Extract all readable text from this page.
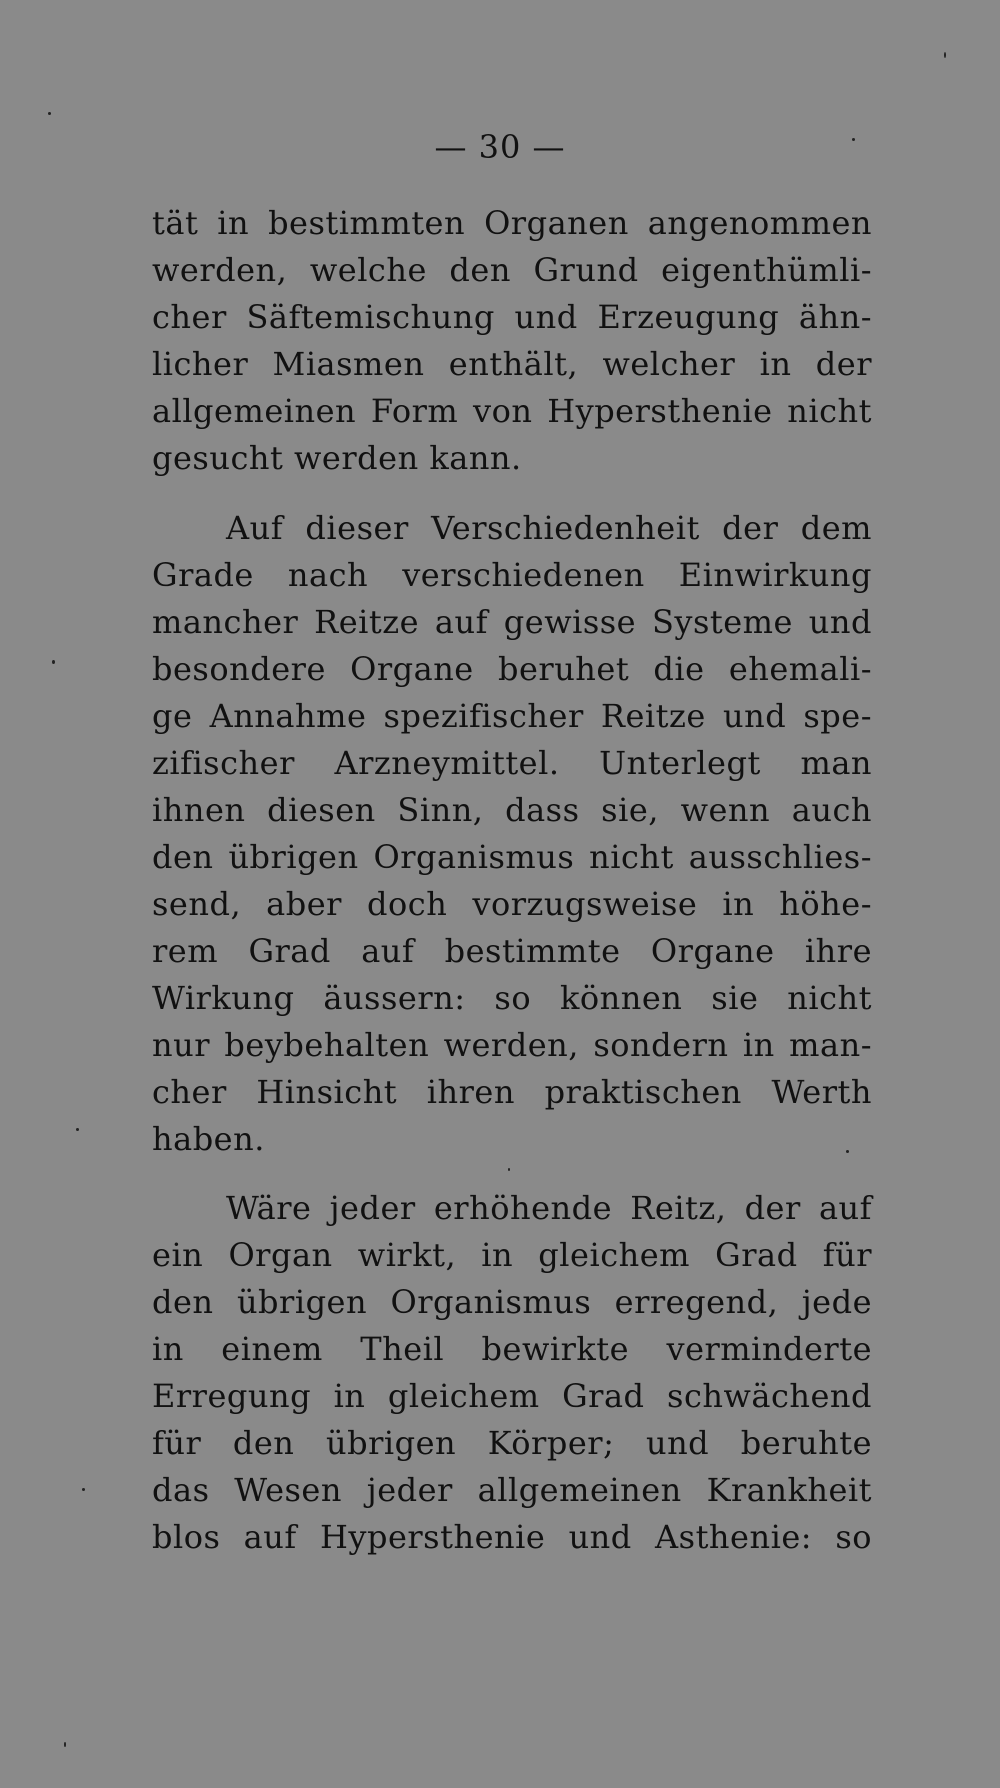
— 30 —
tät in bestimmten Organen angenommen
werden, welche den Grund eigenthümli-
cher Säftemischung und Erzeugung ähn-
licher Miasmen enthält, welcher in der
allgemeinen Form von Hypersthenie nicht
gesucht werden kann.
Auf dieser Verschiedenheit der dem
Grade nach verschiedenen Einwirkung
mancher Reitze auf gewisse Systeme und
besondere Organe beruhet die ehemali-
ge Annahme spezifischer Reitze und spe-
zifischer Arzneymittel. Unterlegt man
ihnen diesen Sinn, dass sie, wenn auch
den übrigen Organismus nicht ausschlies-
send, aber doch vorzugsweise in höhe-
rem Grad auf bestimmte Organe ihre
Wirkung äussern: so können sie nicht
nur beybehalten werden, sondern in man-
cher Hinsicht ihren praktischen Werth
haben.
Wäre jeder erhöhende Reitz, der auf
ein Organ wirkt, in gleichem Grad für
den übrigen Organismus erregend, jede
in einem Theil bewirkte verminderte
Erregung in gleichem Grad schwächend
für den übrigen Körper; und beruhte
das Wesen jeder allgemeinen Krankheit
blos auf Hypersthenie und Asthenie: so
